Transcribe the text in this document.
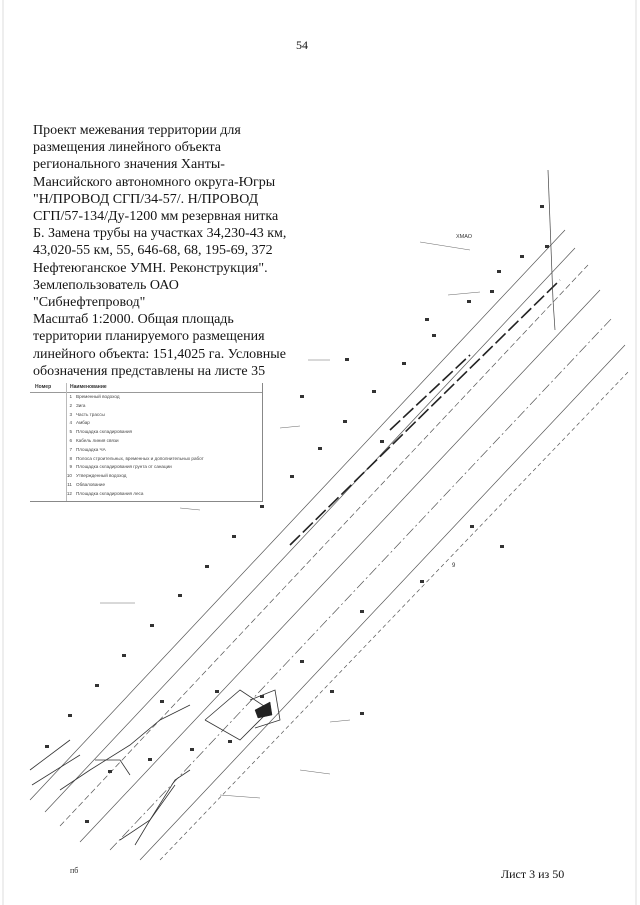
54
Проект межевания территории для
размещения линейного объекта
регионального значения Ханты-
Мансийского автономного округа-Югры
"Н/ПРОВОД СГП/34-57/. Н/ПРОВОД
СГП/57-134/Ду-1200 мм резервная нитка
Б. Замена трубы на участках 34,230-43 км,
43,020-55 км, 55, 646-68, 68, 195-69, 372
Нефтеюганское УМН. Реконструкция".
Землепользователь ОАО
"Сибнефтепровод"
Масштаб 1:2000. Общая площадь
территории планируемого размещения
линейного объекта: 151,4025 га. Условные
обозначения представлены на листе 35
Номер	Наименование
1 Временный водоход
2 Зига
3 Часть трассы
4 Амбар
5 Площадка складирования
6 Кабель линия связи
7 Площадка ЧА
8 Полоса строительных, временных и дополнительных работ
9 Площадка складирования грунта от санации
10 Утвержденный водоход
11 Обвалование
12 Площадка складирования леса
ХМАО
9
пб	Лист 3 из 50
